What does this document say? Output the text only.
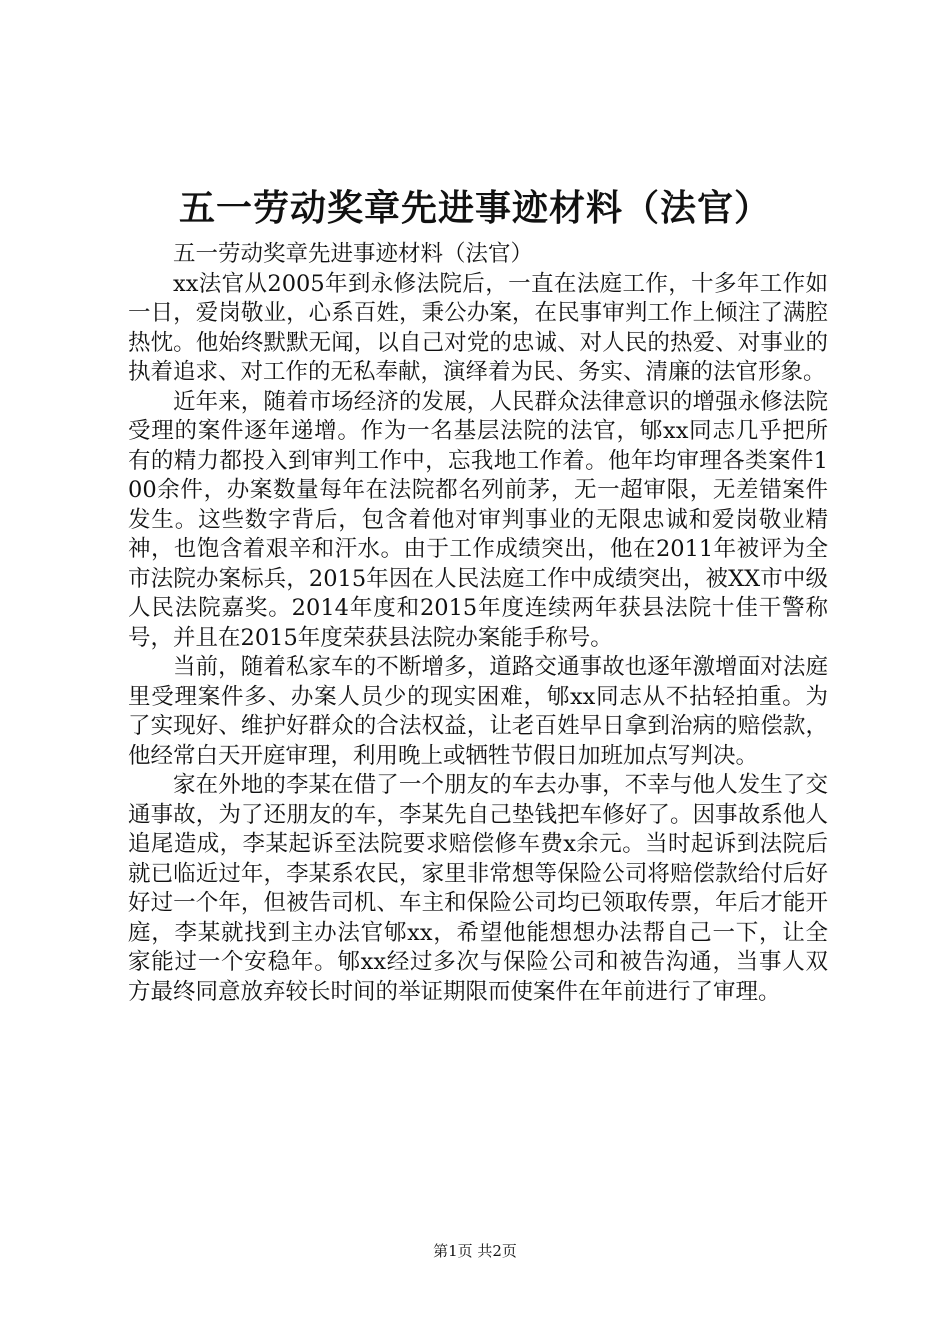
五一劳动奖章先进事迹材料（法官）

五一劳动奖章先进事迹材料（法官）

xx法官从2005年到永修法院后，一直在法庭工作，十多年工作如一日，爱岗敬业，心系百姓，秉公办案，在民事审判工作上倾注了满腔热忱。他始终默默无闻，以自己对党的忠诚、对人民的热爱、对事业的执着追求、对工作的无私奉献，演绎着为民、务实、清廉的法官形象。

近年来，随着市场经济的发展，人民群众法律意识的增强永修法院受理的案件逐年递增。作为一名基层法院的法官，郇xx同志几乎把所有的精力都投入到审判工作中，忘我地工作着。他年均审理各类案件100余件，办案数量每年在法院都名列前茅，无一超审限，无差错案件发生。这些数字背后，包含着他对审判事业的无限忠诚和爱岗敬业精神，也饱含着艰辛和汗水。由于工作成绩突出，他在2011年被评为全市法院办案标兵，2015年因在人民法庭工作中成绩突出，被XX市中级人民法院嘉奖。2014年度和2015年度连续两年获县法院十佳干警称号，并且在2015年度荣获县法院办案能手称号。

当前，随着私家车的不断增多，道路交通事故也逐年激增面对法庭里受理案件多、办案人员少的现实困难，郇xx同志从不拈轻拍重。为了实现好、维护好群众的合法权益，让老百姓早日拿到治病的赔偿款，他经常白天开庭审理，利用晚上或牺牲节假日加班加点写判决。

家在外地的李某在借了一个朋友的车去办事，不幸与他人发生了交通事故，为了还朋友的车，李某先自己垫钱把车修好了。因事故系他人追尾造成，李某起诉至法院要求赔偿修车费x余元。当时起诉到法院后就已临近过年，李某系农民，家里非常想等保险公司将赔偿款给付后好好过一个年，但被告司机、车主和保险公司均已领取传票，年后才能开庭，李某就找到主办法官郇xx，希望他能想想办法帮自己一下，让全家能过一个安稳年。郇xx经过多次与保险公司和被告沟通，当事人双方最终同意放弃较长时间的举证期限而使案件在年前进行了审理。

第1页 共2页
